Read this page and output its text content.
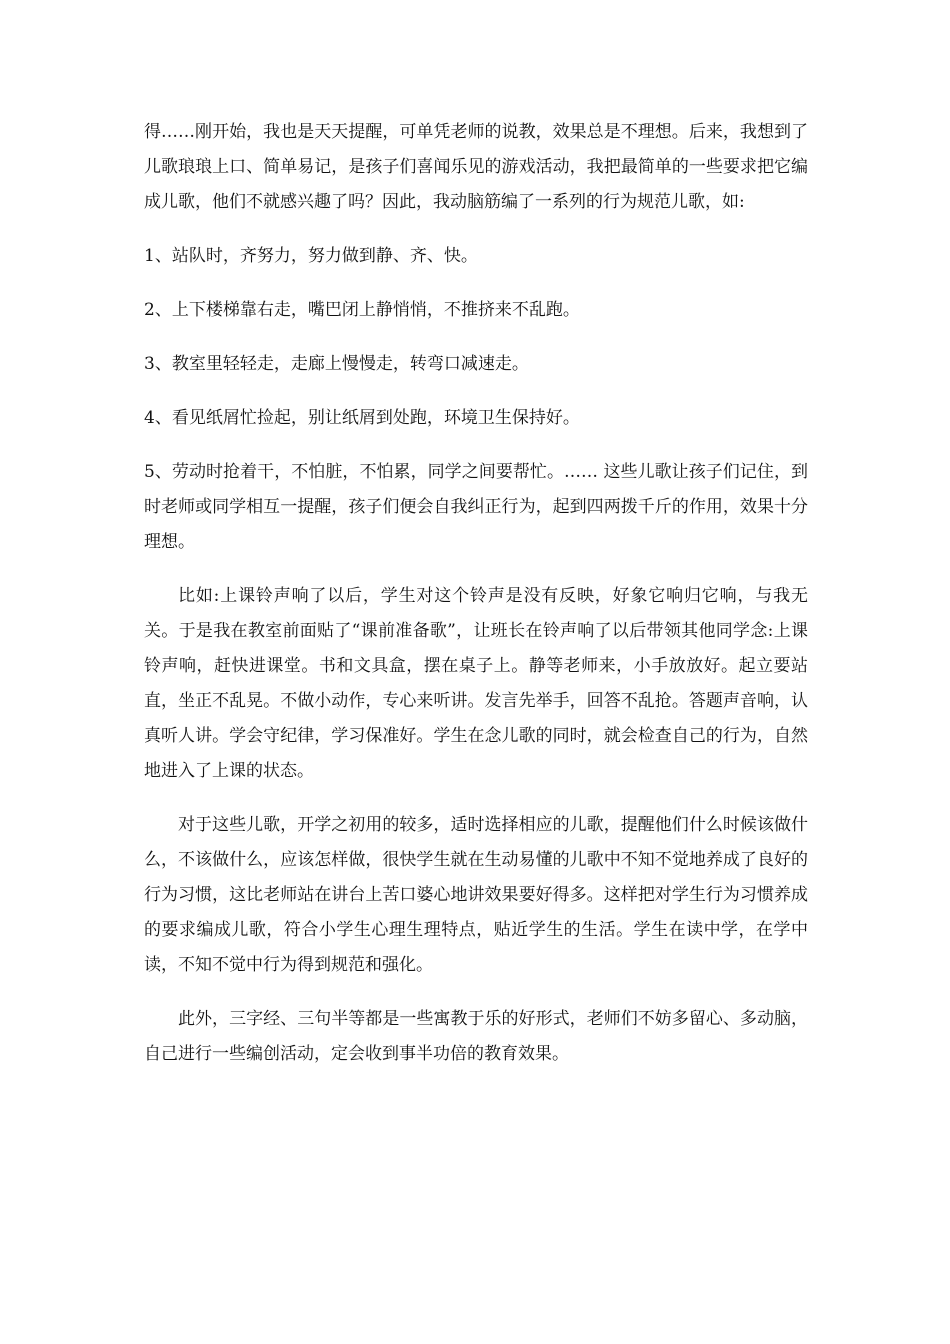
得……刚开始，我也是天天提醒，可单凭老师的说教，效果总是不理想。后来，我想到了儿歌琅琅上口、简单易记，是孩子们喜闻乐见的游戏活动，我把最简单的一些要求把它编成儿歌，他们不就感兴趣了吗？因此，我动脑筋编了一系列的行为规范儿歌，如:

1、站队时，齐努力，努力做到静、齐、快。

2、上下楼梯靠右走，嘴巴闭上静悄悄，不推挤来不乱跑。

3、教室里轻轻走，走廊上慢慢走，转弯口减速走。

4、看见纸屑忙捡起，别让纸屑到处跑，环境卫生保持好。

5、劳动时抢着干，不怕脏，不怕累，同学之间要帮忙。…… 这些儿歌让孩子们记住，到时老师或同学相互一提醒，孩子们便会自我纠正行为，起到四两拨千斤的作用，效果十分理想。

比如:上课铃声响了以后，学生对这个铃声是没有反映，好象它响归它响，与我无关。于是我在教室前面贴了“课前准备歌”，让班长在铃声响了以后带领其他同学念:上课铃声响，赶快进课堂。书和文具盒，摆在桌子上。静等老师来，小手放放好。起立要站直，坐正不乱晃。不做小动作，专心来听讲。发言先举手，回答不乱抢。答题声音响，认真听人讲。学会守纪律，学习保准好。学生在念儿歌的同时，就会检查自己的行为，自然地进入了上课的状态。

对于这些儿歌，开学之初用的较多，适时选择相应的儿歌，提醒他们什么时候该做什么，不该做什么，应该怎样做，很快学生就在生动易懂的儿歌中不知不觉地养成了良好的行为习惯，这比老师站在讲台上苦口婆心地讲效果要好得多。这样把对学生行为习惯养成的要求编成儿歌，符合小学生心理生理特点，贴近学生的生活。学生在读中学，在学中读，不知不觉中行为得到规范和强化。

此外，三字经、三句半等都是一些寓教于乐的好形式，老师们不妨多留心、多动脑，自己进行一些编创活动，定会收到事半功倍的教育效果。
